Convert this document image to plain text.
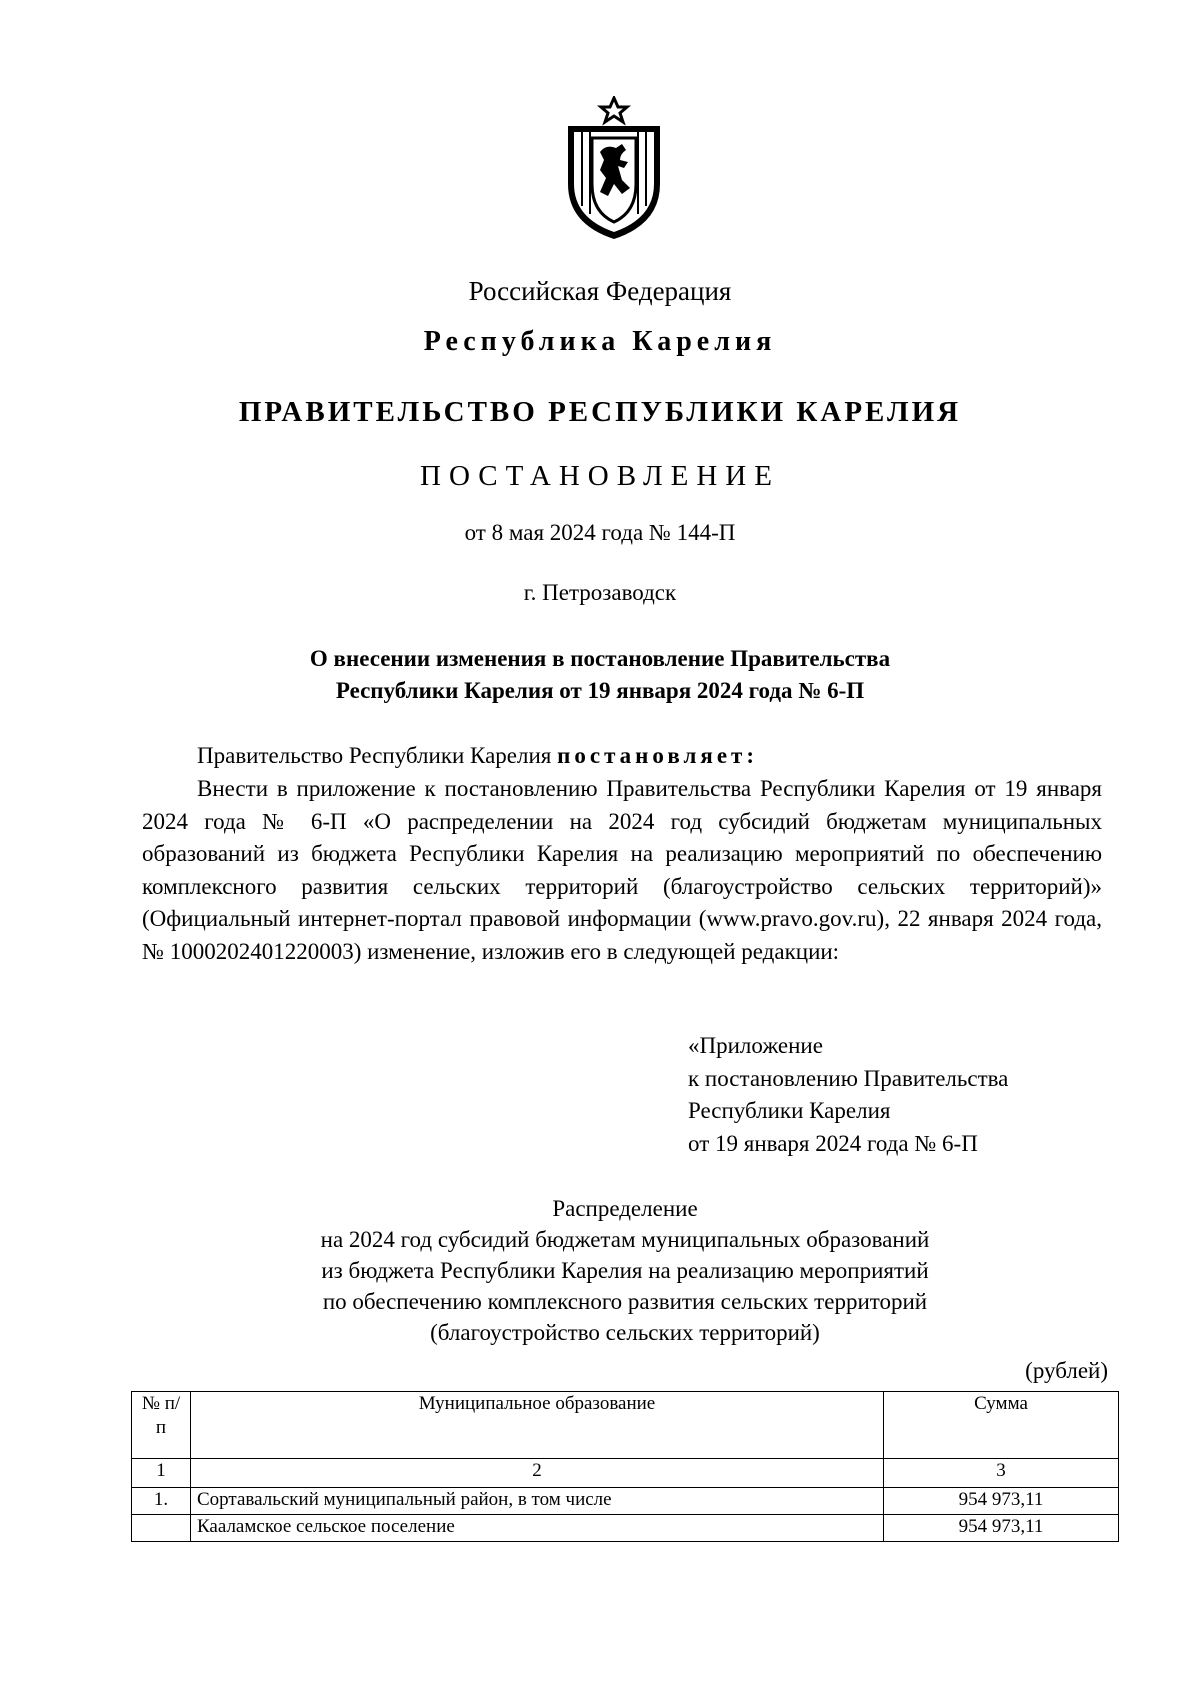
Российская Федерация
Республика Карелия
ПРАВИТЕЛЬСТВО РЕСПУБЛИКИ КАРЕЛИЯ
ПОСТАНОВЛЕНИЕ
от 8 мая 2024 года № 144-П
г. Петрозаводск
О внесении изменения в постановление Правительства
Республики Карелия от 19 января 2024 года № 6-П
Правительство Республики Карелия постановляет:
Внести в приложение к постановлению Правительства Республики Карелия от 19 января 2024 года № 6-П «О распределении на 2024 год субсидий бюджетам муниципальных образований из бюджета Республики Карелия на реализацию мероприятий по обеспечению комплексного развития сельских территорий (благоустройство сельских территорий)» (Официальный интернет-портал правовой информации (www.pravo.gov.ru), 22 января 2024 года, № 1000202401220003) изменение, изложив его в следующей редакции:
«Приложение
к постановлению Правительства
Республики Карелия
от 19 января 2024 года № 6-П
Распределение
на 2024 год субсидий бюджетам муниципальных образований
из бюджета Республики Карелия на реализацию мероприятий
по обеспечению комплексного развития сельских территорий
(благоустройство сельских территорий)
(рублей)
№ п/п	Муниципальное образование	Сумма
1	2	3
1.	Сортавальский муниципальный район, в том числе	954 973,11
	Кааламское сельское поселение	954 973,11
